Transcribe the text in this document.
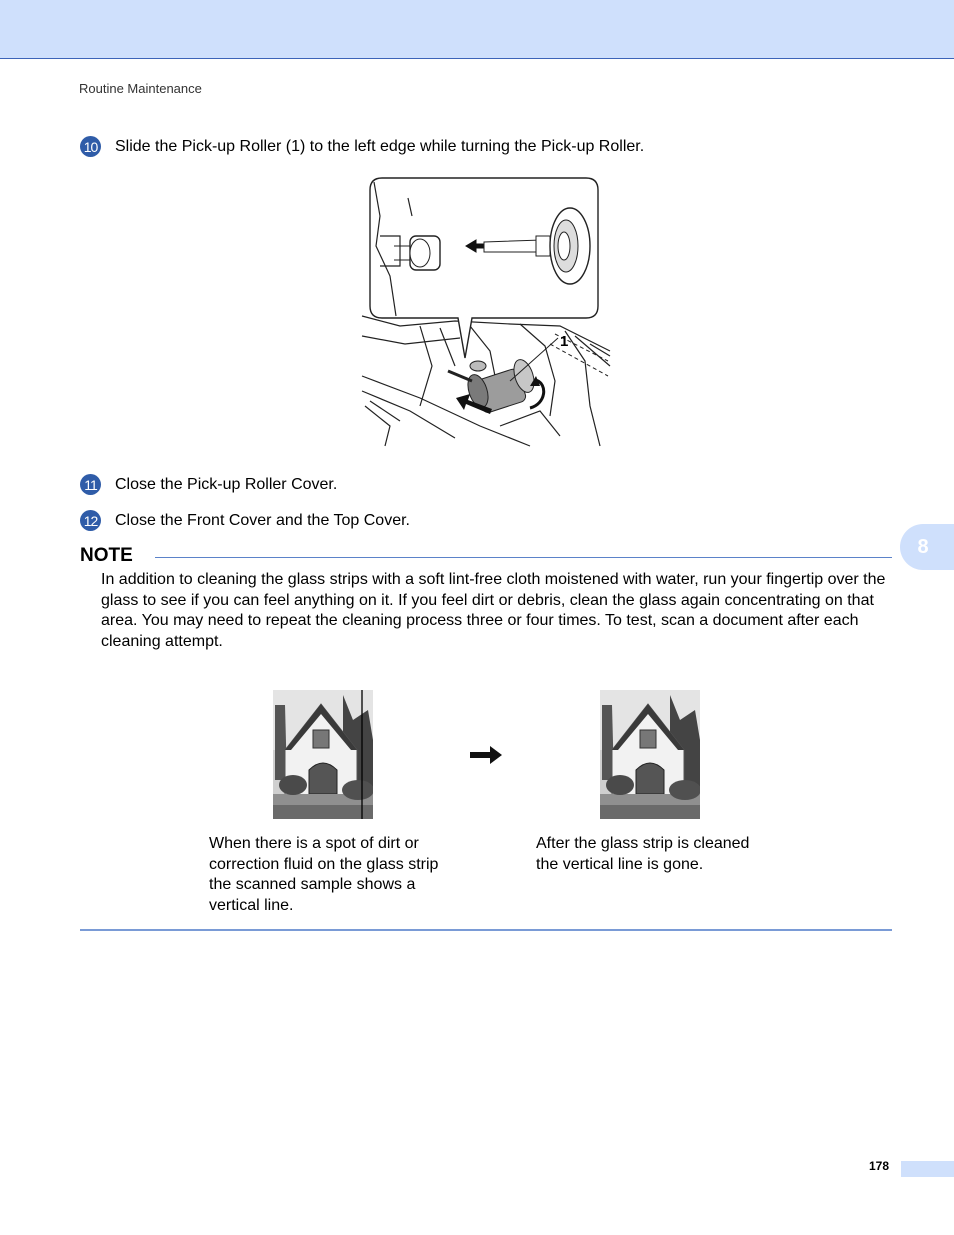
Routine Maintenance
10 Slide the Pick-up Roller (1) to the left edge while turning the Pick-up Roller.
1
11 Close the Pick-up Roller Cover.
12 Close the Front Cover and the Top Cover.
8
NOTE
In addition to cleaning the glass strips with a soft lint-free cloth moistened with water, run your fingertip over the glass to see if you can feel anything on it. If you feel dirt or debris, clean the glass again concentrating on that area. You may need to repeat the cleaning process three or four times. To test, scan a document after each cleaning attempt.
When there is a spot of dirt or correction fluid on the glass strip the scanned sample shows a vertical line.
After the glass strip is cleaned the vertical line is gone.
178
